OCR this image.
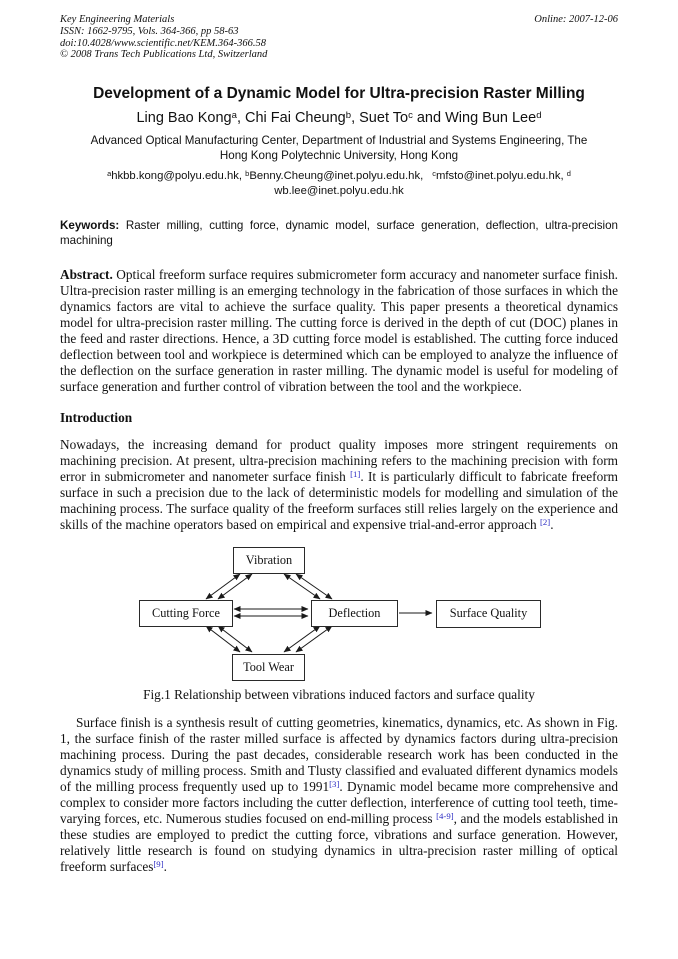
Key Engineering Materials
ISSN: 1662-9795, Vols. 364-366, pp 58-63
doi:10.4028/www.scientific.net/KEM.364-366.58
© 2008 Trans Tech Publications Ltd, Switzerland
Online: 2007-12-06
Development of a Dynamic Model for Ultra-precision Raster Milling
Ling Bao Kong$^a$, Chi Fai Cheung$^b$, Suet To$^c$ and Wing Bun Lee$^d$
Advanced Optical Manufacturing Center, Department of Industrial and Systems Engineering, The
Hong Kong Polytechnic University, Hong Kong
$^a$hkbb.kong@polyu.edu.hk, $^b$Benny.Cheung@inet.polyu.edu.hk, $^c$mfsto@inet.polyu.edu.hk, $^d$
wb.lee@inet.polyu.edu.hk

Keywords: Raster milling, cutting force, dynamic model, surface generation, deflection, ultra-precision machining

Abstract. Optical freeform surface requires submicrometer form accuracy and nanometer surface finish. Ultra-precision raster milling is an emerging technology in the fabrication of those surfaces in which the dynamics factors are vital to achieve the surface quality. This paper presents a theoretical dynamics model for ultra-precision raster milling. The cutting force is derived in the depth of cut (DOC) planes in the feed and raster directions. Hence, a 3D cutting force model is established. The cutting force induced deflection between tool and workpiece is determined which can be employed to analyze the influence of the deflection on the surface generation in raster milling. The dynamic model is useful for modeling of surface generation and further control of vibration between the tool and the workpiece.

Introduction

Nowadays, the increasing demand for product quality imposes more stringent requirements on machining precision. At present, ultra-precision machining refers to the machining precision with form error in submicrometer and nanometer surface finish [1]. It is particularly difficult to fabricate freeform surface in such a precision due to the lack of deterministic models for modelling and simulation of the machining process. The surface quality of the freeform surfaces still relies largely on the experience and skills of the machine operators based on empirical and expensive trial-and-error approach [2].

Vibration
Cutting Force	Deflection	Surface Quality
Tool Wear
Fig.1 Relationship between vibrations induced factors and surface quality

Surface finish is a synthesis result of cutting geometries, kinematics, dynamics, etc. As shown in Fig. 1, the surface finish of the raster milled surface is affected by dynamics factors during ultra-precision machining process. During the past decades, considerable research work has been conducted in the dynamics study of milling process. Smith and Tlusty classified and evaluated different dynamics models of the milling process frequently used up to 1991[3]. Dynamic model became more comprehensive and complex to consider more factors including the cutter deflection, interference of cutting tool teeth, time-varying forces, etc. Numerous studies focused on end-milling process [4-9], and the models established in these studies are employed to predict the cutting force, vibrations and surface generation. However, relatively little research is found on studying dynamics in ultra-precision raster milling of optical freeform surfaces[9].
